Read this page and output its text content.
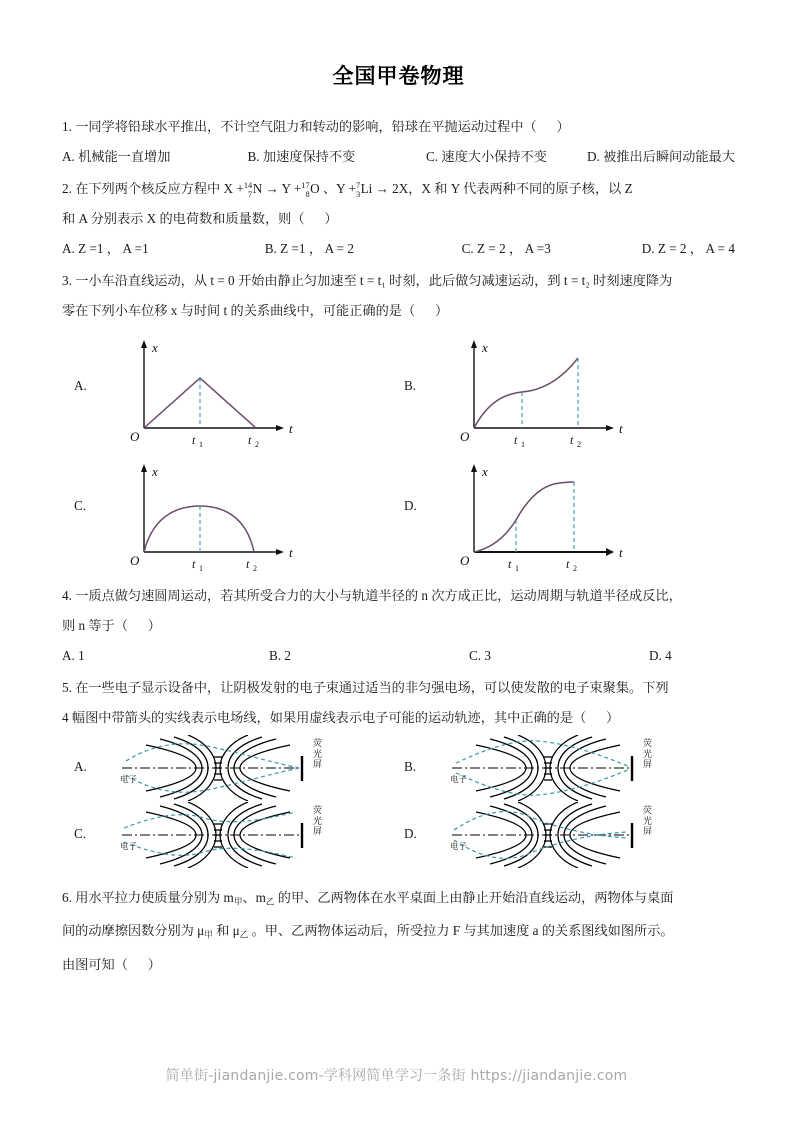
全国甲卷物理
1. 一同学将铅球水平推出，不计空气阻力和转动的影响，铅球在平抛运动过程中（ ）
A. 机械能一直增加	B. 加速度保持不变	C. 速度大小保持不变	D. 被推出后瞬间动能最大
2. 在下列两个核反应方程中 X + 14
7 N → Y + 17
8 O 、Y + 7
3 Li → 2X，X 和 Y 代表两种不同的原子核，以 Z
和 A 分别表示 X 的电荷数和质量数，则（ ）
A. Z =1 ， A =1	B. Z =1 ， A = 2	C. Z = 2 ， A =3	D. Z = 2 ， A = 4
3. 一小车沿直线运动，从 t = 0 开始由静止匀加速至 t = t₁ 时刻，此后做匀减速运动，到 t = t₂ 时刻速度降为
零在下列小车位移 x 与时间 t 的关系曲线中，可能正确的是（ ）
A.
x
t
O	t 1	t 2
B.
x
t
O	t 1	t 2
C.
x
t
O	t 1	t 2
D.
x
t
O	t 1	t 2
4. 一质点做匀速圆周运动，若其所受合力的大小与轨道半径的 n 次方成正比，运动周期与轨道半径成反比，
则 n 等于（ ）
A. 1	B. 2	C. 3	D. 4
5. 在一些电子显示设备中，让阴极发射的电子束通过适当的非匀强电场，可以使发散的电子束聚集。下列
4 幅图中带箭头的实线表示电场线，如果用虚线表示电子可能的运动轨迹，其中正确的是（ ）
A.
电子
荧
光
屏	B.
电子
荧
光
屏
C.
电子
荧
光
屏	D.
电子
荧
光
屏
6. 用水平拉力使质量分别为 $m_甲$、$m_乙$ 的甲、乙两物体在水平桌面上由静止开始沿直线运动，两物体与桌面
间的动摩擦因数分别为 $\mu_甲$ 和 $\mu_乙$ 。甲、乙两物体运动后，所受拉力 F 与其加速度 a 的关系图线如图所示。
由图可知（ ）
简单街-jiandanjie.com-学科网简单学习一条街 https://jiandanjie.com
